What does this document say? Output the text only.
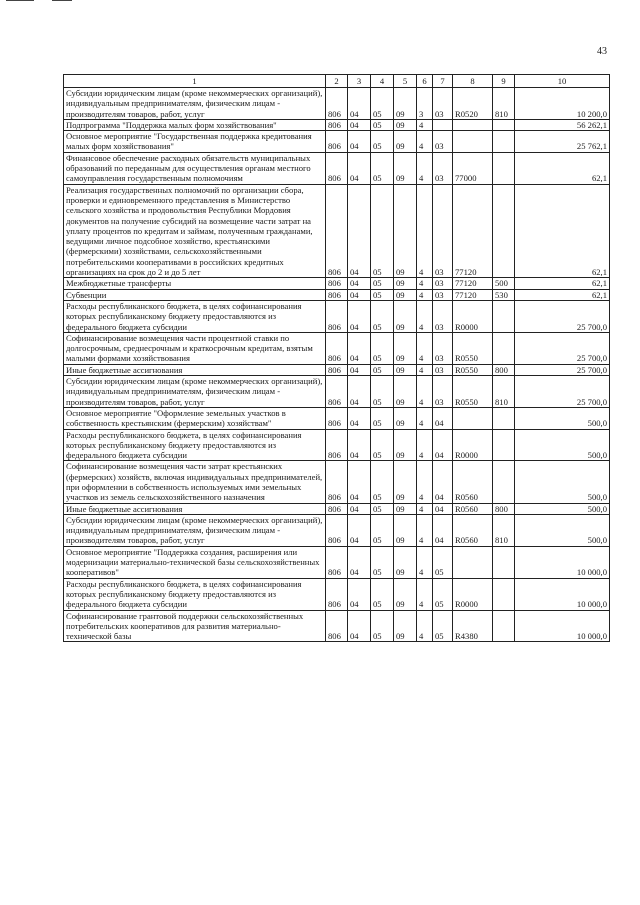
43
1	2	3	4	5	6	7	8	9	10
Субсидии юридическим лицам (кроме некоммерческих организаций), индивидуальным предпринимателям, физическим лицам - производителям товаров, работ, услуг	806	04	05	09	3	03	R0520	810	10 200,0
Подпрограмма "Поддержка малых форм хозяйствования"	806	04	05	09	4				56 262,1
Основное мероприятие "Государственная поддержка кредитования малых форм хозяйствования"	806	04	05	09	4	03			25 762,1
Финансовое обеспечение расходных обязательств муниципальных образований по переданным для осуществления органам местного самоуправления государственным полномочиям	806	04	05	09	4	03	77000		62,1
Реализация государственных полномочий по организации сбора, проверки и единовременного представления в Министерство сельского хозяйства и продовольствия Республики Мордовия документов на получение субсидий на возмещение части затрат на уплату процентов по кредитам и займам, полученным гражданами, ведущими личное подсобное хозяйство, крестьянскими (фермерскими) хозяйствами, сельскохозяйственными потребительскими кооперативами в российских кредитных организациях на срок до 2 и до 5 лет	806	04	05	09	4	03	77120		62,1
Межбюджетные трансферты	806	04	05	09	4	03	77120	500	62,1
Субвенции	806	04	05	09	4	03	77120	530	62,1
Расходы республиканского бюджета, в целях софинансирования которых республиканскому бюджету предоставляются из федерального бюджета субсидии	806	04	05	09	4	03	R0000		25 700,0
Софинансирование возмещения части процентной ставки по долгосрочным, среднесрочным и краткосрочным кредитам, взятым малыми формами хозяйствования	806	04	05	09	4	03	R0550		25 700,0
Иные бюджетные ассигнования	806	04	05	09	4	03	R0550	800	25 700,0
Субсидии юридическим лицам (кроме некоммерческих организаций), индивидуальным предпринимателям, физическим лицам - производителям товаров, работ, услуг	806	04	05	09	4	03	R0550	810	25 700,0
Основное мероприятие "Оформление земельных участков в собственность крестьянским (фермерским) хозяйствам"	806	04	05	09	4	04			500,0
Расходы республиканского бюджета, в целях софинансирования которых республиканскому бюджету предоставляются из федерального бюджета субсидии	806	04	05	09	4	04	R0000		500,0
Софинансирование возмещения части затрат крестьянских (фермерских) хозяйств, включая индивидуальных предпринимателей, при оформлении в собственность используемых ими земельных участков из земель сельскохозяйственного назначения	806	04	05	09	4	04	R0560		500,0
Иные бюджетные ассигнования	806	04	05	09	4	04	R0560	800	500,0
Субсидии юридическим лицам (кроме некоммерческих организаций), индивидуальным предпринимателям, физическим лицам - производителям товаров, работ, услуг	806	04	05	09	4	04	R0560	810	500,0
Основное мероприятие "Поддержка создания, расширения или модернизации материально-технической базы сельскохозяйственных кооперативов"	806	04	05	09	4	05			10 000,0
Расходы республиканского бюджета, в целях софинансирования которых республиканскому бюджету предоставляются из федерального бюджета субсидии	806	04	05	09	4	05	R0000		10 000,0
Софинансирование грантовой поддержки сельскохозяйственных потребительских кооперативов для развития материально-технической базы	806	04	05	09	4	05	R4380		10 000,0
